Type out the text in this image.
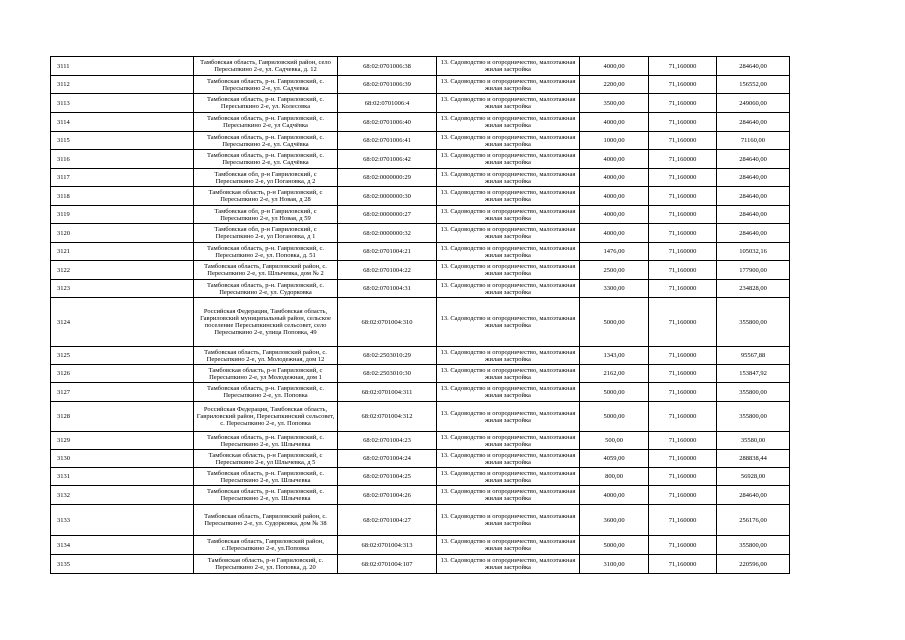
3111	Тамбовская область, Гавриловский район, село Пересыпкино 2-е, ул. Садчевка, д. 12	68:02:0701006:38	13. Садоводство и огородничество, малоэтажная жилая застройка	4000,00	71,160000	284640,00
3112	Тамбовская область, р-н. Гавриловский, с. Пересыпкино 2-е, ул. Садчевка	68:02:0701006:39	13. Садоводство и огородничество, малоэтажная жилая застройка	2200,00	71,160000	156552,00
3113	Тамбовская область, р-н. Гавриловский, с. Пересыпкино 2-е, ул. Колесовка	68:02:0701006:4	13. Садоводство и огородничество, малоэтажная жилая застройка	3500,00	71,160000	249060,00
3114	Тамбовская область, р-н. Гавриловский, с. Пересыпкино 2-е, ул Садчёвка	68:02:0701006:40	13. Садоводство и огородничество, малоэтажная жилая застройка	4000,00	71,160000	284640,00
3115	Тамбовская область, р-н. Гавриловский, с. Пересыпкино 2-е, ул. Садчёвка	68:02:0701006:41	13. Садоводство и огородничество, малоэтажная жилая застройка	1000,00	71,160000	71160,00
3116	Тамбовская область, р-н. Гавриловский, с. Пересыпкино 2-е, ул. Садчёвка	68:02:0701006:42	13. Садоводство и огородничество, малоэтажная жилая застройка	4000,00	71,160000	284640,00
3117	Тамбовская обл, р-н Гавриловский, с Пересыпкино 2-е, ул Погановка, д 2	68:02:0000000:29	13. Садоводство и огородничество, малоэтажная жилая застройка	4000,00	71,160000	284640,00
3118	Тамбовская область, р-н Гавриловский, с Пересыпкино 2-е, ул Новая, д 28	68:02:0000000:30	13. Садоводство и огородничество, малоэтажная жилая застройка	4000,00	71,160000	284640,00
3119	Тамбовская обл, р-н Гавриловский, с Пересыпкино 2-е, ул Новая, д 59	68:02:0000000:27	13. Садоводство и огородничество, малоэтажная жилая застройка	4000,00	71,160000	284640,00
3120	Тамбовская обл, р-н Гавриловский, с Пересыпкино 2-е, ул Погановка, д 1	68:02:0000000:32	13. Садоводство и огородничество, малоэтажная жилая застройка	4000,00	71,160000	284640,00
3121	Тамбовская область, р-н. Гавриловский, с. Пересыпкино 2-е, ул. Поповка, д. 51	68:02:0701004:21	13. Садоводство и огородничество, малоэтажная жилая застройка	1476,00	71,160000	105032,16
3122	Тамбовская область, Гавриловский район, с. Пересыпкино 2-е, ул. Шлычевка, дом № 2	68:02:0701004:22	13. Садоводство и огородничество, малоэтажная жилая застройка	2500,00	71,160000	177900,00
3123	Тамбовская область, р-н. Гавриловский, с. Пересыпкино 2-е, ул. Судорковка	68:02:0701004:31	13. Садоводство и огородничество, малоэтажная жилая застройка	3300,00	71,160000	234828,00
3124	Российская Федерация, Тамбовская область, Гавриловский муниципальный район, сельское поселение Пересыпкинский сельсовет, село Пересыпкино 2-е, улица Поповка, 49	68:02:0701004:310	13. Садоводство и огородничество, малоэтажная жилая застройка	5000,00	71,160000	355800,00
3125	Тамбовская область, Гавриловский район, с. Пересыпкино 2-е, ул. Молодежная, дом 12	68:02:2503010:29	13. Садоводство и огородничество, малоэтажная жилая застройка	1343,00	71,160000	95567,88
3126	Тамбовская область, р-н Гавриловский, с Пересыпкино 2-е, ул Молодежная, дом 1	68:02:2503010:30	13. Садоводство и огородничество, малоэтажная жилая застройка	2162,00	71,160000	153847,92
3127	Тамбовская область, р-н. Гавриловский, с. Пересыпкино 2-е, ул. Поповка	68:02:0701004:311	13. Садоводство и огородничество, малоэтажная жилая застройка	5000,00	71,160000	355800,00
3128	Российская Федерация, Тамбовская область, Гавриловский район, Пересыпкинский сельсовет, с. Пересыпкино 2-е, ул. Поповка	68:02:0701004:312	13. Садоводство и огородничество, малоэтажная жилая застройка	5000,00	71,160000	355800,00
3129	Тамбовская область, р-н. Гавриловский, с. Пересыпкино 2-е, ул. Шлычевка	68:02:0701004:23	13. Садоводство и огородничество, малоэтажная жилая застройка	500,00	71,160000	35580,00
3130	Тамбовская область, р-н Гавриловский, с Пересыпкино 2-е, ул Шлычевка, д 5	68:02:0701004:24	13. Садоводство и огородничество, малоэтажная жилая застройка	4059,00	71,160000	288838,44
3131	Тамбовская область, р-н. Гавриловский, с. Пересыпкино 2-е, ул. Шлычевка	68:02:0701004:25	13. Садоводство и огородничество, малоэтажная жилая застройка	800,00	71,160000	56928,00
3132	Тамбовская область, р-н. Гавриловский, с. Пересыпкино 2-е, ул. Шлычевка	68:02:0701004:26	13. Садоводство и огородничество, малоэтажная жилая застройка	4000,00	71,160000	284640,00
3133	Тамбовская область, Гавриловский район, с. Пересыпкино 2-е, ул. Судорковка, дом № 38	68:02:0701004:27	13. Садоводство и огородничество, малоэтажная жилая застройка	3600,00	71,160000	256176,00
3134	Тамбовская область, Гавриловский район, с.Пересыпкино 2-е, ул.Поповка	68:02:0701004:313	13. Садоводство и огородничество, малоэтажная жилая застройка	5000,00	71,160000	355800,00
3135	Тамбовская область, р-н Гавриловский, с. Пересыпкино 2-е, ул. Поповка, д. 20	68:02:0701004:107	13. Садоводство и огородничество, малоэтажная жилая застройка	3100,00	71,160000	220596,00
